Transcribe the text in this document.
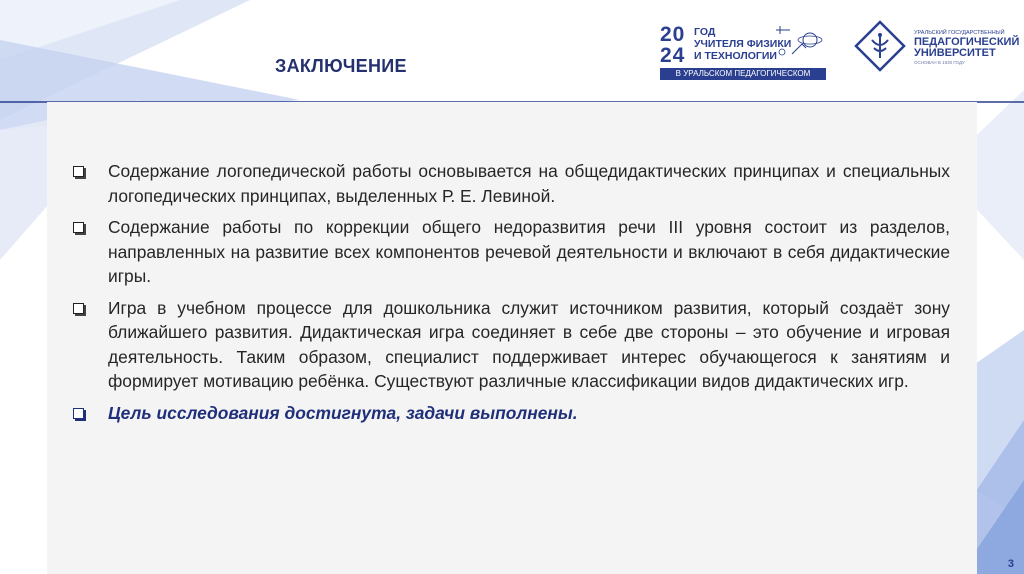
ЗАКЛЮЧЕНИЕ
20
24
ГОД
УЧИТЕЛЯ ФИЗИКИ
И ТЕХНОЛОГИИ
В УРАЛЬСКОМ ПЕДАГОГИЧЕСКОМ
УРАЛЬСКИЙ ГОСУДАРСТВЕННЫЙ
ПЕДАГОГИЧЕСКИЙ
УНИВЕРСИТЕТ
ОСНОВАН В 1930 ГОДУ
Содержание логопедической работы основывается на общедидактических принципах и специальных логопедических принципах, выделенных Р. Е. Левиной.
Содержание работы по коррекции общего недоразвития речи III уровня состоит из разделов, направленных на развитие всех компонентов речевой деятельности и включают в себя дидактические игры.
Игра в учебном процессе для дошкольника служит источником развития, который создаёт зону ближайшего развития. Дидактическая игра соединяет в себе две стороны – это обучение и игровая деятельность. Таким образом, специалист поддерживает интерес обучающегося к занятиям и формирует мотивацию ребёнка. Существуют различные классификации видов дидактических игр.
Цель исследования достигнута, задачи выполнены.
3
